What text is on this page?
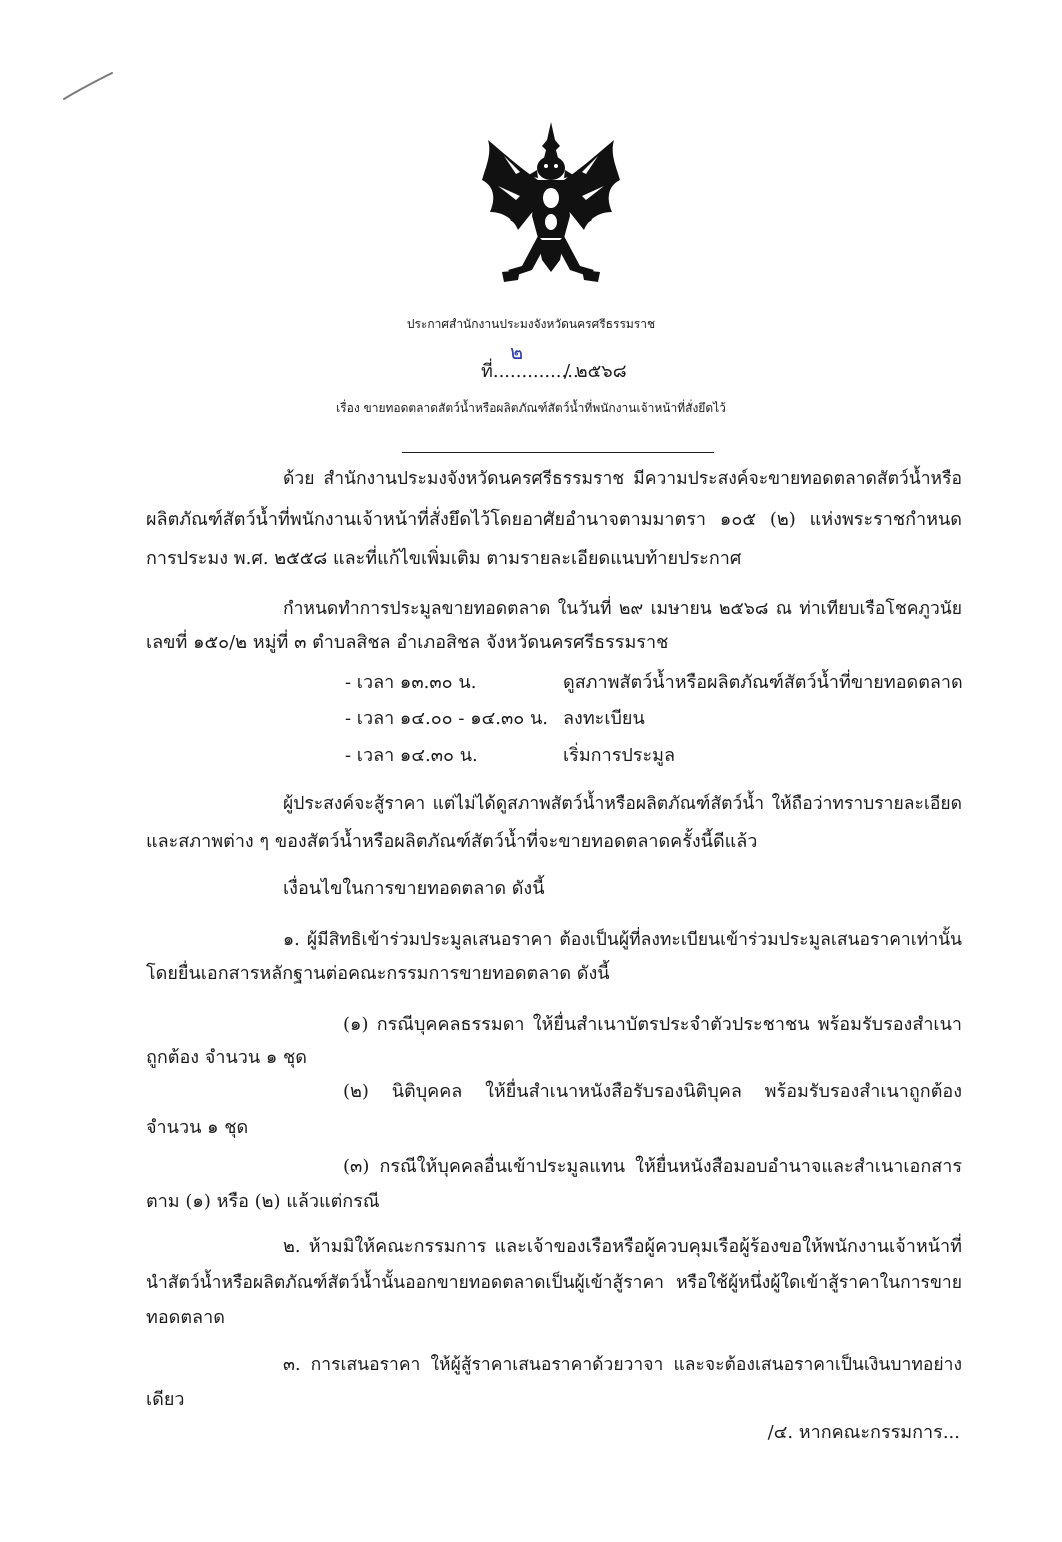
ประกาศสำนักงานประมงจังหวัดนครศรีธรรมราช
ที่...............
๒
/ ๒๕๖๘
เรื่อง ขายทอดตลาดสัตว์น้ำหรือผลิตภัณฑ์สัตว์น้ำที่พนักงานเจ้าหน้าที่สั่งยึดไว้
ด้วย สำนักงานประมงจังหวัดนครศรีธรรมราช มีความประสงค์จะขายทอดตลาดสัตว์น้ำหรือ
ผลิตภัณฑ์สัตว์น้ำที่พนักงานเจ้าหน้าที่สั่งยึดไว้โดยอาศัยอำนาจตามมาตรา ๑๐๕ (๒) แห่งพระราชกำหนด
การประมง พ.ศ. ๒๕๕๘ และที่แก้ไขเพิ่มเติม ตามรายละเอียดแนบท้ายประกาศ
กำหนดทำการประมูลขายทอดตลาด ในวันที่ ๒๙ เมษายน ๒๕๖๘ ณ ท่าเทียบเรือโชคภูวนัย
เลขที่ ๑๕๐/๒ หมู่ที่ ๓ ตำบลสิชล อำเภอสิชล จังหวัดนครศรีธรรมราช
- เวลา ๑๓.๓๐ น.	ดูสภาพสัตว์น้ำหรือผลิตภัณฑ์สัตว์น้ำที่ขายทอดตลาด
- เวลา ๑๔.๐๐ - ๑๔.๓๐ น. ลงทะเบียน
- เวลา ๑๔.๓๐ น.	เริ่มการประมูล
ผู้ประสงค์จะสู้ราคา แต่ไม่ได้ดูสภาพสัตว์น้ำหรือผลิตภัณฑ์สัตว์น้ำ ให้ถือว่าทราบรายละเอียด
และสภาพต่าง ๆ ของสัตว์น้ำหรือผลิตภัณฑ์สัตว์น้ำที่จะขายทอดตลาดครั้งนี้ดีแล้ว
เงื่อนไขในการขายทอดตลาด ดังนี้
๑. ผู้มีสิทธิเข้าร่วมประมูลเสนอราคา ต้องเป็นผู้ที่ลงทะเบียนเข้าร่วมประมูลเสนอราคาเท่านั้น
โดยยื่นเอกสารหลักฐานต่อคณะกรรมการขายทอดตลาด ดังนี้
(๑) กรณีบุคคลธรรมดา ให้ยื่นสำเนาบัตรประจำตัวประชาชน พร้อมรับรองสำเนา
ถูกต้อง จำนวน ๑ ชุด
(๒) นิติบุคคล ให้ยื่นสำเนาหนังสือรับรองนิติบุคล พร้อมรับรองสำเนาถูกต้อง
จำนวน ๑ ชุด
(๓) กรณีให้บุคคลอื่นเข้าประมูลแทน ให้ยื่นหนังสือมอบอำนาจและสำเนาเอกสาร
ตาม (๑) หรือ (๒) แล้วแต่กรณี
๒. ห้ามมิให้คณะกรรมการ และเจ้าของเรือหรือผู้ควบคุมเรือผู้ร้องขอให้พนักงานเจ้าหน้าที่
นำสัตว์น้ำหรือผลิตภัณฑ์สัตว์น้ำนั้นออกขายทอดตลาดเป็นผู้เข้าสู้ราคา หรือใช้ผู้หนึ่งผู้ใดเข้าสู้ราคาในการขาย
ทอดตลาด
๓. การเสนอราคา ให้ผู้สู้ราคาเสนอราคาด้วยวาจา และจะต้องเสนอราคาเป็นเงินบาทอย่าง
เดียว
/๔. หากคณะกรรมการ...
